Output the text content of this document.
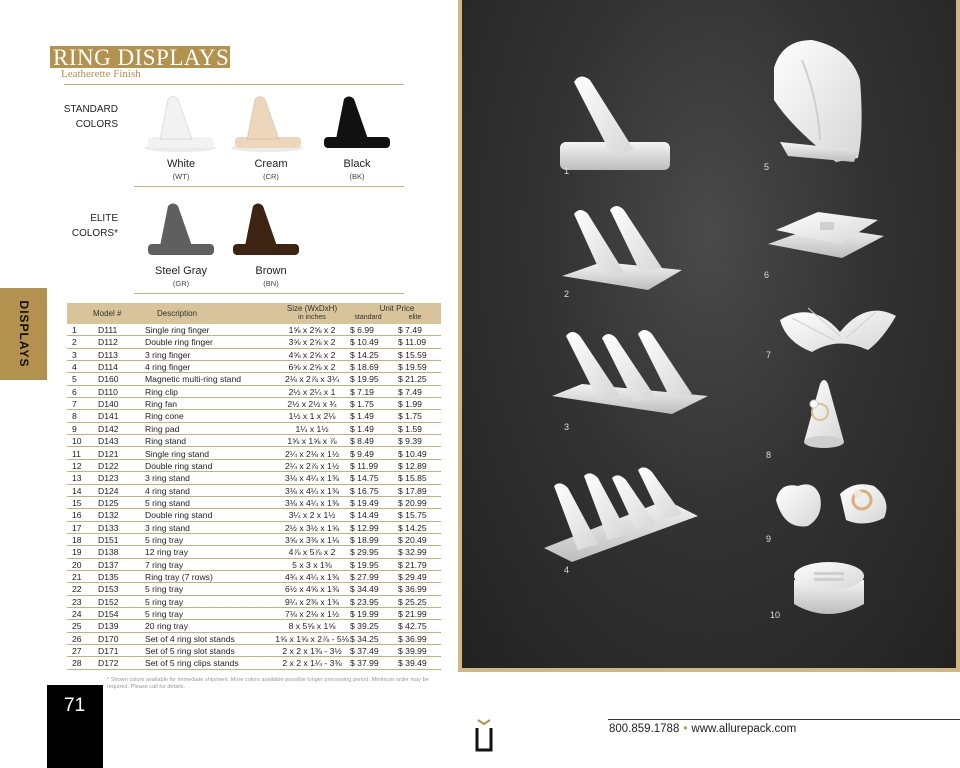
RING DISPLAYS
Leatherette Finish
STANDARD
COLORS
White
(WT)
Cream
(CR)
Black
(BK)
ELITE
COLORS*
Steel Gray
(GR)
Brown
(BN)
DISPLAYS	Model #	Description
Size (WxDxH)
in inches
Unit Price
standard	elite
1 D111	Single ring finger	1⅝ x 2⅝ x 2	$ 6.99	$ 7.49
2 D112	Double ring finger	3⅝ x 2⅝ x 2	$ 10.49 $ 11.09
3 D113	3 ring finger	4⅝ x 2⅝ x 2	$ 14.25 $ 15.59
4 D114	4 ring finger	6⅝ x 2⅝ x 2	$ 18.69 $ 19.59
5 D160	Magnetic multi-ring stand	2⅛ x 2⅞ x 3¼	$ 19.95 $ 21.25
6 D110	Ring clip	2½ x 2¼ x 1	$ 7.19	$ 7.49
7 D140	Ring fan	2½ x 2½ x ¾	$ 1.75	$ 1.99
8 D141	Ring cone	1½ x 1 x 2⅛	$ 1.49	$ 1.75
9 D142	Ring pad	1¼ x 1½	$ 1.49	$ 1.59
10 D143	Ring stand	1⅝ x 1⅝ x ⅞	$ 8.49	$ 9.39
11 D121	Single ring stand	2¼ x 2⅛ x 1½	$ 9.49	$ 10.49
12 D122	Double ring stand	2¼ x 2⅞ x 1½	$ 11.99 $ 12.89
13 D123	3 ring stand	3⅛ x 4¼ x 1⅜	$ 14.75 $ 15.85
14 D124	4 ring stand	3⅛ x 4¼ x 1⅜	$ 16.75 $ 17.89
15 D125	5 ring stand	3⅛ x 4¼ x 1⅜	$ 19.49 $ 20.99
16 D132	Double ring stand	3¼ x 2 x 1½	$ 14.49 $ 15.75
17 D133	3 ring stand	2½ x 3½ x 1⅝	$ 12.99 $ 14.25
18 D151	5 ring tray	3⅝ x 3⅜ x 1⅛	$ 18.99 $ 20.49
19 D138	12 ring tray	4⅞ x 5⅞ x 2	$ 29.95 $ 32.99
20 D137	7 ring tray	5 x 3 x 1⅜	$ 19.95 $ 21.79
21 D135	Ring tray (7 rows)	4¾ x 4¼ x 1⅜	$ 27.99 $ 29.49
22 D153	5 ring tray	6½ x 4⅝ x 1⅜	$ 34.49 $ 36.99
23 D152	5 ring tray	9¼ x 2⅜ x 1⅜	$ 23.95 $ 25.25
24 D154	5 ring tray	7⅛ x 2⅛ x 1½	$ 19.99 $ 21.99
25 D139	20 ring tray	8 x 5⅝ x 1⅝	$ 39.25 $ 42.75
26 D170	Set of 4 ring slot stands	1⅝ x 1⅝ x 2⅞ - 5⅛ $ 34.25 $ 36.99
27 D171	Set of 5 ring slot stands	2 x 2 x 1⅜ - 3½ $ 37.49 $ 39.99
28 D172	Set of 5 ring clips stands	2 x 2 x 1¼ - 3⅜ $ 37.99 $ 39.49
* Shown colors available for immediate shipment. More colors available possible longer processing period. Minimum order may be required. Please call for details.
71
800.859.1788 • www.allurepack.com
1
2
3
4
5
6
7
8
9
10
